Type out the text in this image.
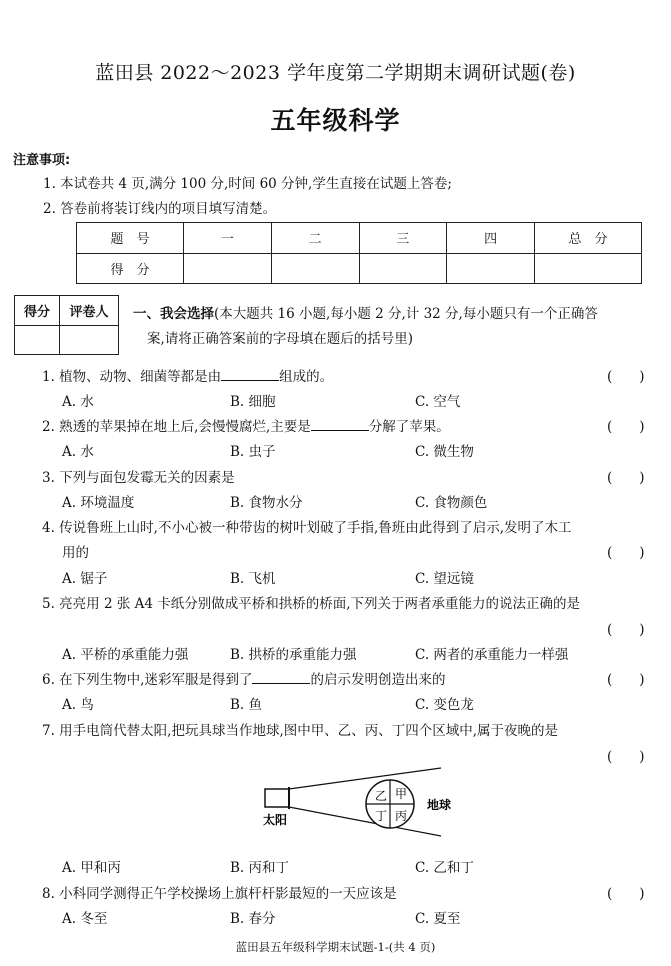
蓝田县 2022～2023 学年度第二学期期末调研试题(卷)
五年级科学
注意事项:
1. 本试卷共 4 页,满分 100 分,时间 60 分钟,学生直接在试题上答卷;
2. 答卷前将装订线内的项目填写清楚。
题　号	一	二	三	四	总　分
得　分					
得分	评卷人
	一、我会选择(本大题共 16 小题,每小题 2 分,计 32 分,每小题只有一个正确答
案,请将正确答案前的字母填在题后的括号里)
1. 植物、动物、细菌等都是由	组成的。	(　　)
A. 水	B. 细胞	C. 空气
2. 熟透的苹果掉在地上后,会慢慢腐烂,主要是	分解了苹果。	(　　)
A. 水	B. 虫子	C. 微生物
3. 下列与面包发霉无关的因素是	(　　)
A. 环境温度	B. 食物水分	C. 食物颜色
4. 传说鲁班上山时,不小心被一种带齿的树叶划破了手指,鲁班由此得到了启示,发明了木工
用的	(　　)
A. 锯子	B. 飞机	C. 望远镜
5. 亮亮用 2 张 A4 卡纸分别做成平桥和拱桥的桥面,下列关于两者承重能力的说法正确的是
(　　)
A. 平桥的承重能力强	B. 拱桥的承重能力强	C. 两者的承重能力一样强
6. 在下列生物中,迷彩军服是得到了	的启示发明创造出来的	(　　)
A. 鸟	B. 鱼	C. 变色龙
7. 用手电筒代替太阳,把玩具球当作地球,图中甲、乙、丙、丁四个区域中,属于夜晚的是
(　　)
乙 甲
丁 丙
太阳
地球
A. 甲和丙	B. 丙和丁	C. 乙和丁
8. 小科同学测得正午学校操场上旗杆杆影最短的一天应该是	(　　)
A. 冬至	B. 春分	C. 夏至
蓝田县五年级科学期末试题-1-(共 4 页)
